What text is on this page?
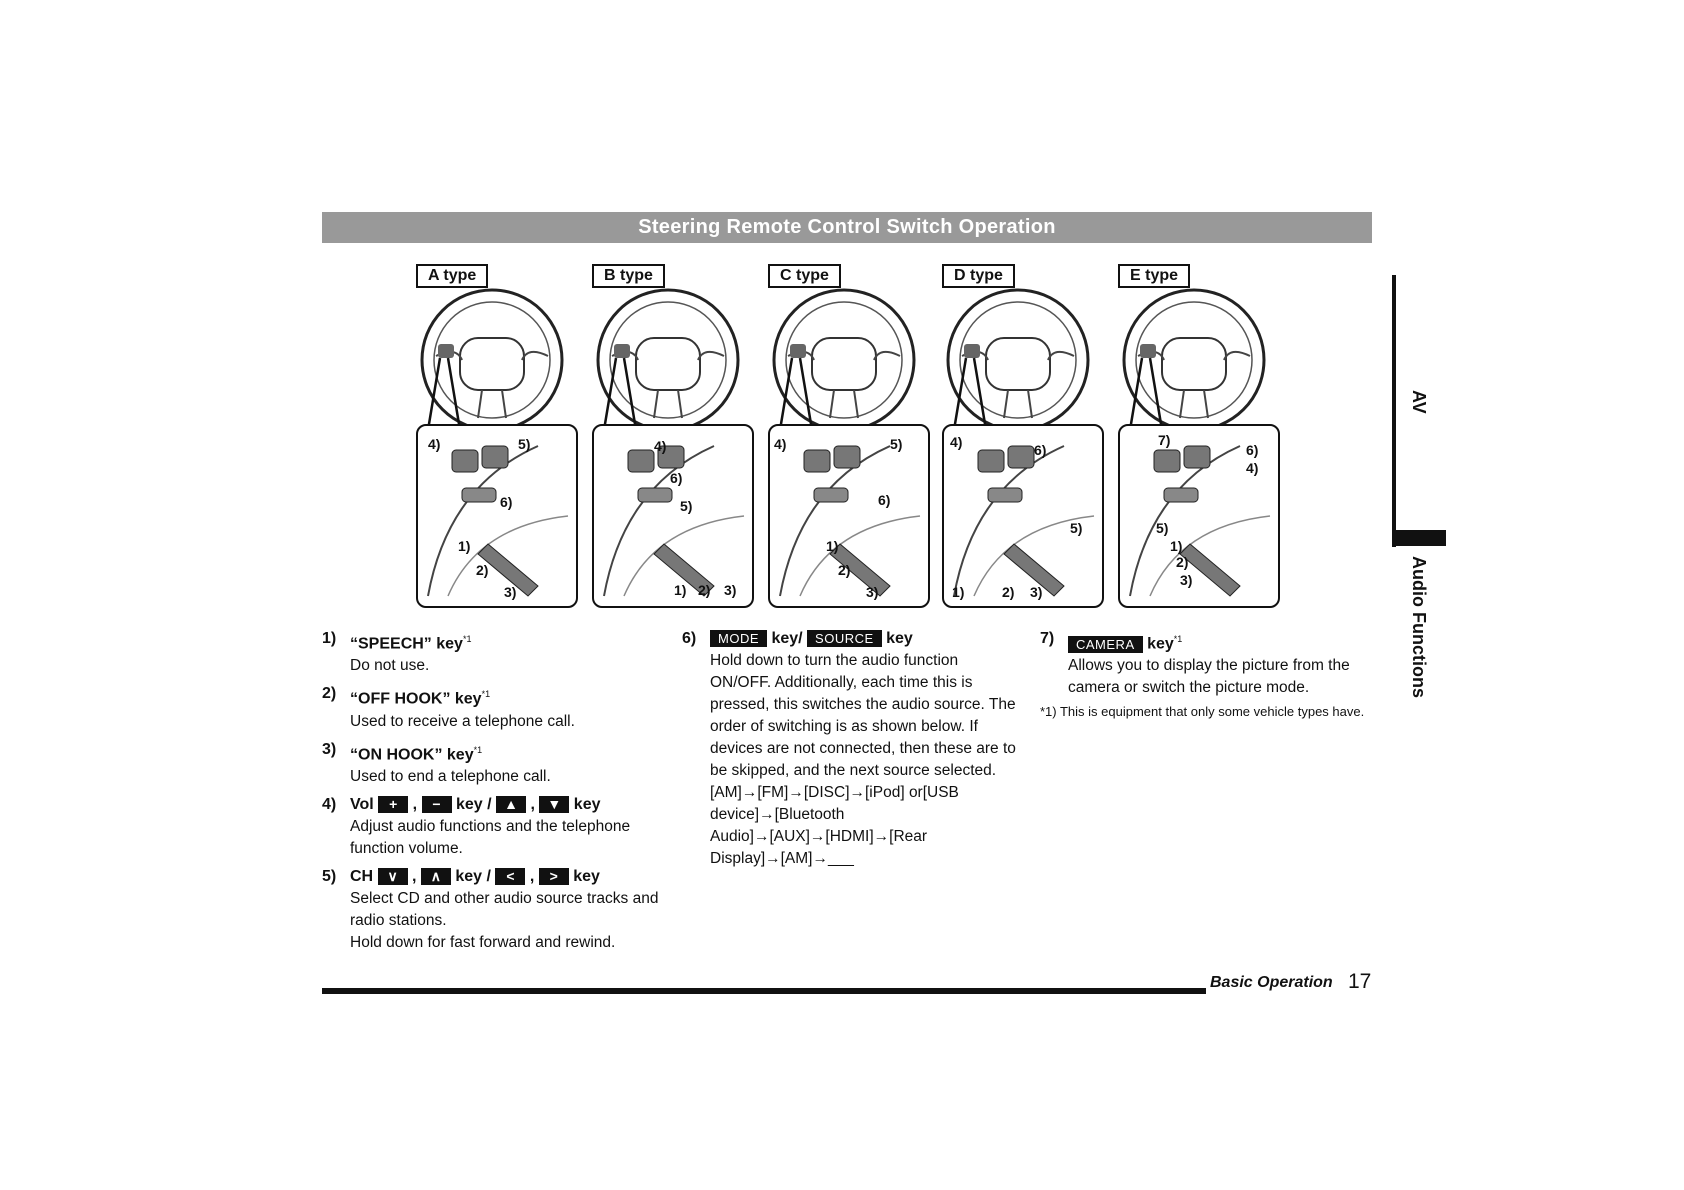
Steering Remote Control Switch Operation
A type
4)	5)
6)
1)
2)
3)
B type
4)
6)
5)
1) 2) 3)
C type
4)	5)
6)
1)
2)
3)
D type
4)	6)
5)
1)	2) 3)
E type
7)
6)
4)
5)
1)
2)
3)
1) “SPEECH” key$^{*1}$
Do not use.
2) “OFF HOOK” key$^{*1}$
Used to receive a telephone call.
3) “ON HOOK” key$^{*1}$
Used to end a telephone call.
4) Vol + , − key / ▲ , ▼ key
Adjust audio functions and the telephone function volume.
5) CH ∨ , ∧ key / < , > key
Select CD and other audio source tracks and radio stations.
Hold down for fast forward and rewind.
6)	MODE key/ SOURCE key
Hold down to turn the audio function ON/OFF. Additionally, each time this is pressed, this switches the audio source. The order of switching is as shown below. If devices are not connected, then these are to be skipped, and the next source selected.
[AM]→[FM]→[DISC]→[iPod] or[USB device]→[Bluetooth Audio]→[AUX]→[HDMI]→[Rear Display]→[AM]→___
7)	CAMERA key$^{*1}$
Allows you to display the picture from the camera or switch the picture mode.
*1) This is equipment that only some vehicle types have.
AV
Audio Functions
Basic Operation 17
